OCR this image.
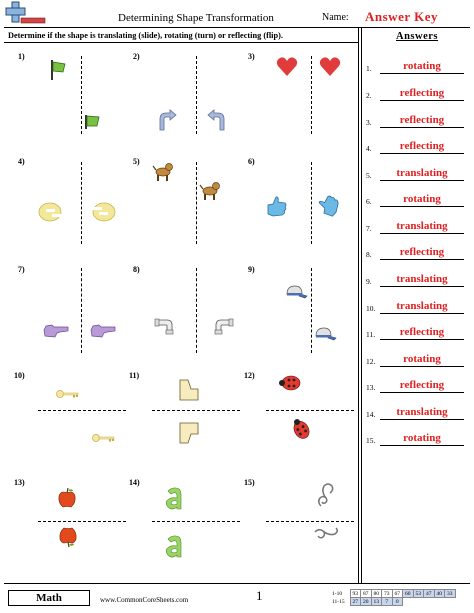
Determining Shape Transformation	Name: Answer Key
Determine if the shape is translating (slide), rotating (turn) or reflecting (flip).	Answers
1)	2)	3)
4)	5)	6)
7)	8)	9)
10)	11)	12)
13)	14)	15)
1.	rotating
2.	reflecting
3.	reflecting
4.	reflecting
5.	translating
6.	rotating
7.	translating
8.	reflecting
9.	translating
10.	translating
11.	reflecting
12.	rotating
13.	reflecting
14.	translating
15.	rotating
Math	www.CommonCoreSheets.com	1	1-10	93	87	80	73	67	60	53	47	40	33
11-15	27	20	13	7	0					
